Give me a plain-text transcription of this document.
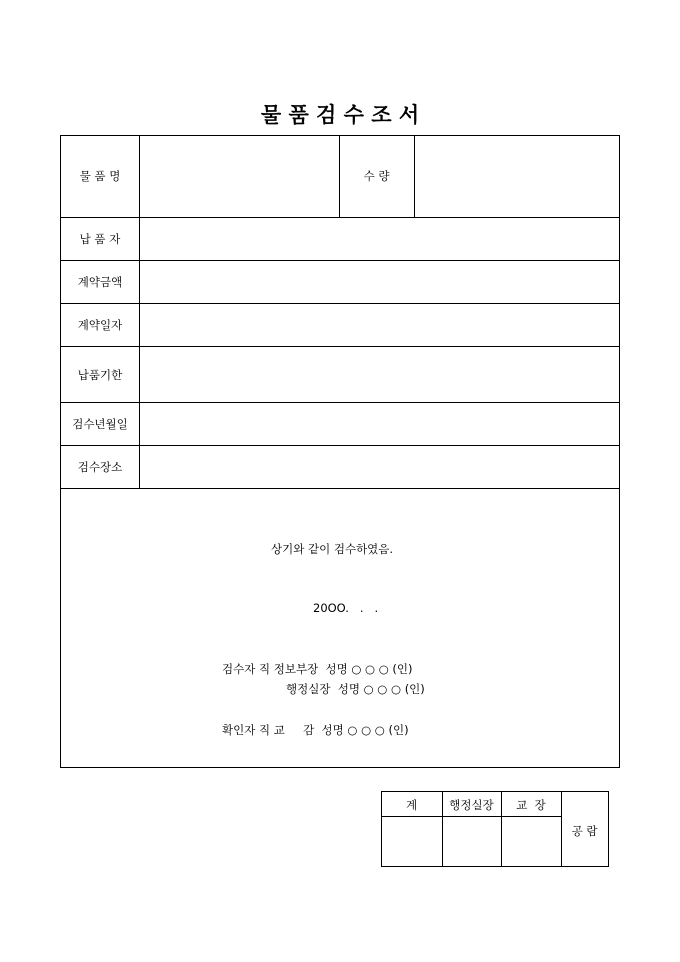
물 품 검 수 조 서
물 품 명	수 량
납 품 자
계약금액
계약일자
납품기한
검수년월일
검수장소
상기와 같이 검수하였음.
20OO.   .   .
검수자 직 정보부장  성명 ○ ○ ○ (인)
행정실장  성명 ○ ○ ○ (인)
확인자 직 교     감  성명 ○ ○ ○ (인)
계	행정실장	교  장
공 람
